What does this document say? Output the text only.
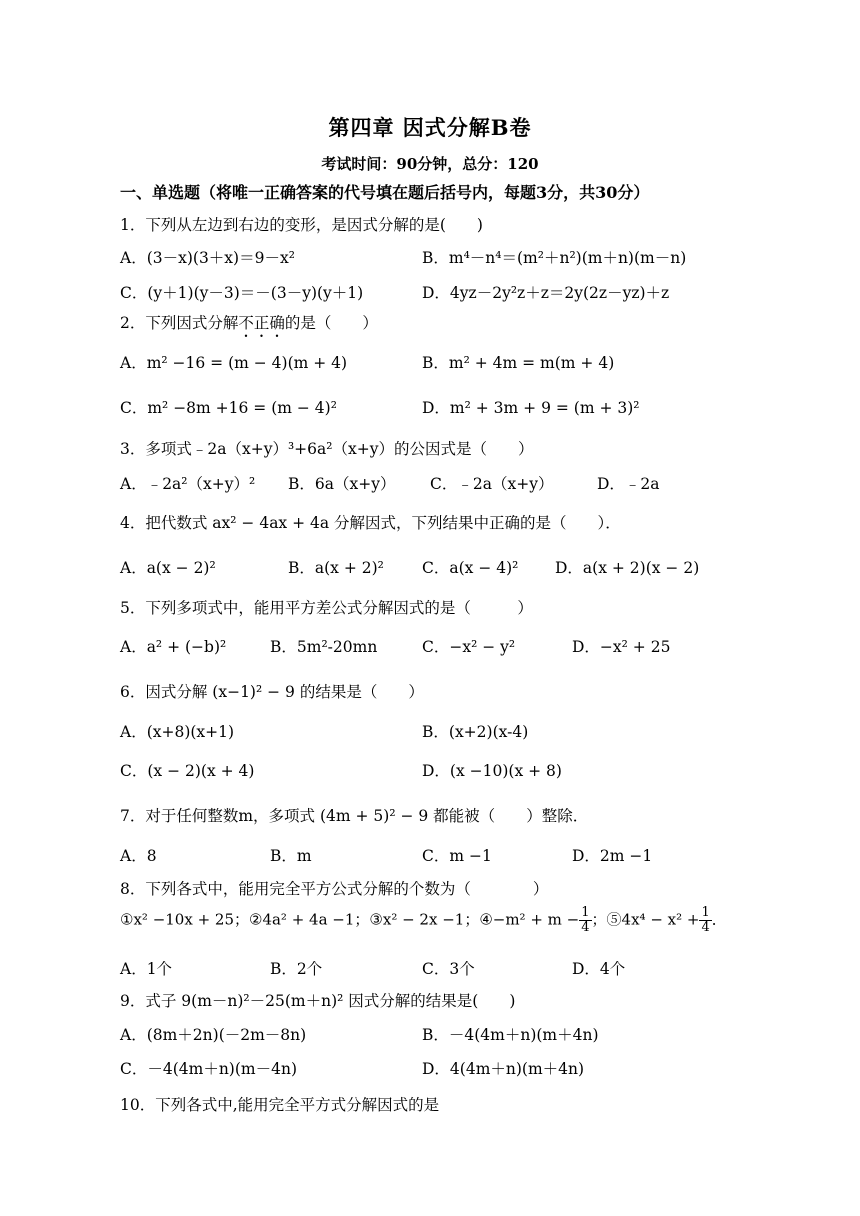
第四章 因式分解B卷
考试时间：90分钟，总分：120
一、单选题（将唯一正确答案的代号填在题后括号内，每题3分，共30分）
1．下列从左边到右边的变形，是因式分解的是(　　)
A．(3－x)(3＋x)＝9－x²	B．m⁴－n⁴＝(m²＋n²)(m＋n)(m－n)
C．(y＋1)(y－3)＝－(3－y)(y＋1)	D．4yz－2y²z＋z＝2y(2z－yz)＋z
2．下列因式分解不正确的是（　　）
A．m² −16 = (m − 4)(m + 4)	B．m² + 4m = m(m + 4)
C．m² −8m +16 = (m − 4)²	D．m² + 3m + 9 = (m + 3)²
3．多项式﹣2a（x+y）³+6a²（x+y）的公因式是（　　）
A．﹣2a²（x+y）² B．6a（x+y） C．﹣2a（x+y）	D．﹣2a
4．把代数式 ax² − 4ax + 4a 分解因式，下列结果中正确的是（　　）．
A．a(x − 2)²	B．a(x + 2)² C．a(x − 4)² D．a(x + 2)(x − 2)
5．下列多项式中，能用平方差公式分解因式的是（　　　）
A．a² + (−b)²	B．5m²-20mn	C．−x² − y²	D．−x² + 25
6．因式分解 (x−1)² − 9 的结果是（　　）
A．(x+8)(x+1)	B．(x+2)(x-4)
C．(x − 2)(x + 4)	D．(x −10)(x + 8)
7．对于任何整数m，多项式 (4m + 5)² − 9 都能被（　　）整除．
A．8	B．m	C．m −1	D．2m −1
8．下列各式中，能用完全平方公式分解的个数为（　　　　）
①x² −10x + 25；②4a² + 4a −1；③x² − 2x −1；④−m² + $m - \frac{1}{4}$ ；⑤4x⁴ − $x^2 + \frac{1}{4}$ ．
A．1个	B．2个	C．3个	D．4个
9．式子 9(m－n)²－25(m＋n)² 因式分解的结果是(　　)
A．(8m＋2n)(－2m－8n)	B．－4(4m＋n)(m＋4n)
C．－4(4m＋n)(m－4n)	D．4(4m＋n)(m＋4n)
10．下列各式中,能用完全平方式分解因式的是
